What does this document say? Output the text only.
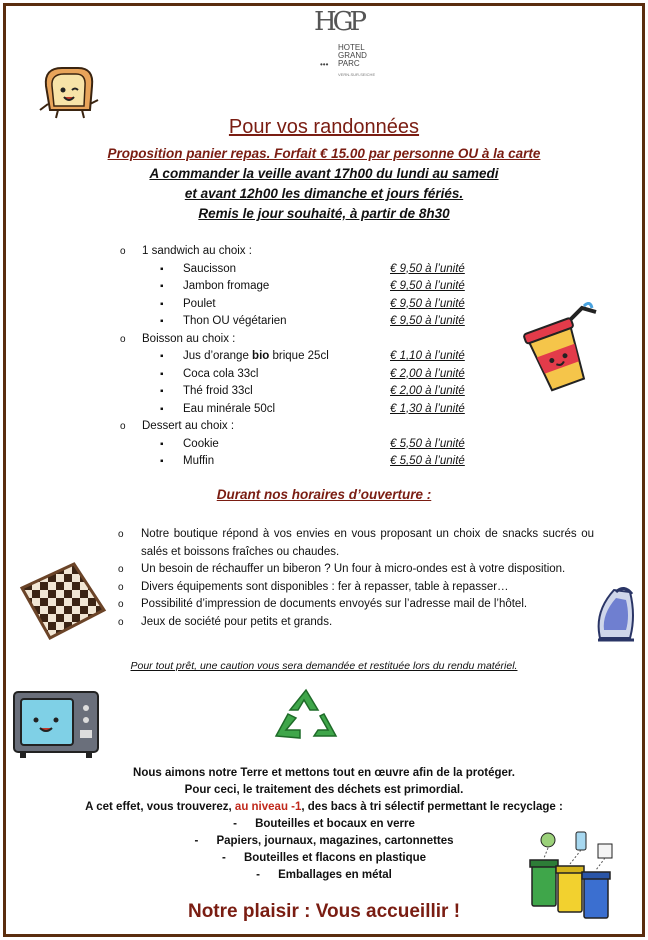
HGP
HOTEL
GRAND
PARC
•••
VERN-SUR-SEICHE
Pour vos randonnées
Proposition panier repas. Forfait € 15.00 par personne OU à la carte
A commander la veille avant 17h00 du lundi au samedi
et avant 12h00 les dimanche et jours fériés.
Remis le jour souhaité, à partir de 8h30
o 1 sandwich au choix :
▪ Saucisson	€ 9,50 à l’unité
▪ Jambon fromage	€ 9,50 à l’unité
▪ Poulet	€ 9,50 à l’unité
▪ Thon OU végétarien	€ 9,50 à l’unité
o Boisson au choix :
▪ Jus d’orange bio brique 25cl	€ 1,10 à l’unité
▪ Coca cola 33cl	€ 2,00 à l’unité
▪ Thé froid 33cl	€ 2,00 à l’unité
▪ Eau minérale 50cl	€ 1,30 à l’unité
o Dessert au choix :
▪ Cookie	€ 5,50 à l’unité
▪ Muffin	€ 5,50 à l’unité
Durant nos horaires d’ouverture :
o Notre boutique répond à vos envies en vous proposant un choix de snacks sucrés ou salés et boissons fraîches ou chaudes.
o Un besoin de réchauffer un biberon ? Un four à micro-ondes est à votre disposition.
o Divers équipements sont disponibles : fer à repasser, table à repasser…
o Possibilité d’impression de documents envoyés sur l’adresse mail de l’hôtel.
o Jeux de société pour petits et grands.
Pour tout prêt, une caution vous sera demandée et restituée lors du rendu matériel.
Nous aimons notre Terre et mettons tout en œuvre afin de la protéger.
Pour ceci, le traitement des déchets est primordial.
A cet effet, vous trouverez, au niveau -1, des bacs à tri sélectif permettant le recyclage :
- Bouteilles et bocaux en verre
- Papiers, journaux, magazines, cartonnettes
- Bouteilles et flacons en plastique
- Emballages en métal
Notre plaisir : Vous accueillir !
